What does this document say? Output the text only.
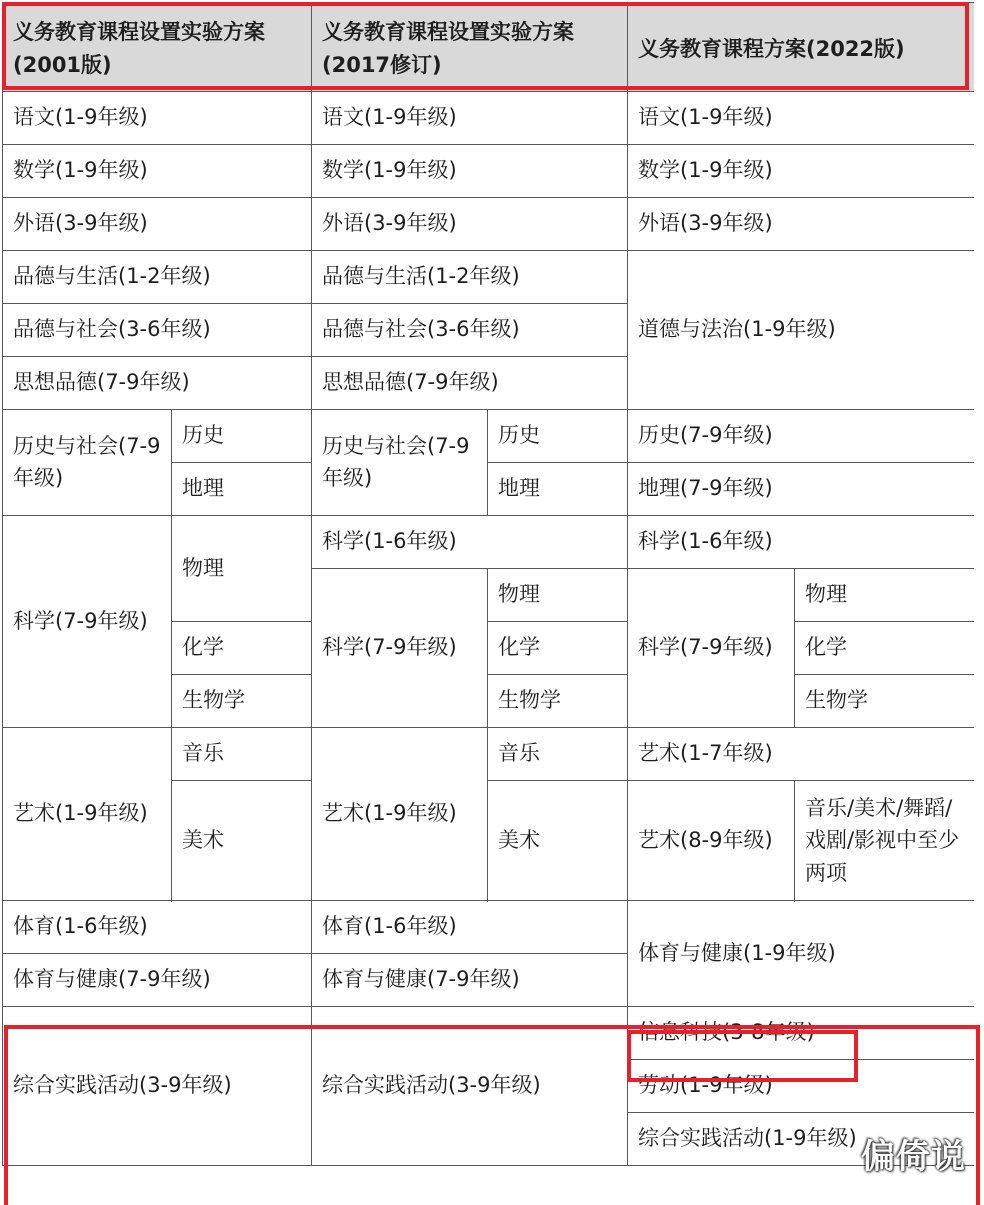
义务教育课程设置实验方案(2001版)		义务教育课程设置实验方案(2017修订)		义务教育课程方案(2022版)	
语文(1-9年级)		语文(1-9年级)		语文(1-9年级)	
数学(1-9年级)		数学(1-9年级)		数学(1-9年级)	
外语(3-9年级)		外语(3-9年级)		外语(3-9年级)	
品德与生活(1-2年级)		品德与生活(1-2年级)		道德与法治(1-9年级)	
品德与社会(3-6年级)		品德与社会(3-6年级)			
思想品德(7-9年级)		思想品德(7-9年级)			
历史与社会(7-9年级)	历史	历史与社会(7-9年级)	历史	历史(7-9年级)	
	地理		地理	地理(7-9年级)	
科学(7-9年级)	物理	科学(1-6年级)		科学(1-6年级)	
		科学(7-9年级)	物理	科学(7-9年级)	物理
	化学		化学		化学
	生物学		生物学		生物学
艺术(1-9年级)	音乐	艺术(1-9年级)	音乐	艺术(1-7年级)	
	美术		美术	艺术(8-9年级)	音乐/美术/舞蹈/戏剧/影视中至少两项

体育(1-6年级)		体育(1-6年级)		体育与健康(1-9年级)	
体育与健康(7-9年级)		体育与健康(7-9年级)			
综合实践活动(3-9年级)		综合实践活动(3-9年级)		信息科技(3-8年级)	
				劳动(1-9年级)	
				综合实践活动(1-9年级)	偏倚说
